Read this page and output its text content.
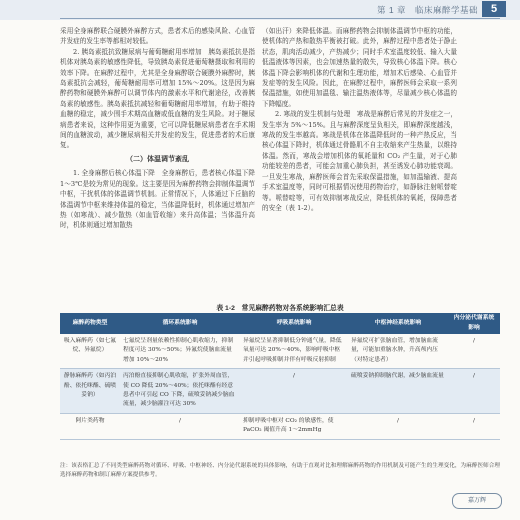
第 1 章　临床麻醉学基础	5

采用全身麻醉联合硬膜外麻醉方式，患者术后的感染风险、心血管并发症的发生率等都相对较低。

2. 胰岛素抵抗致糖尿病与葡萄糖耐用率增加　胰岛素抵抗是指机体对胰岛素的敏感性降低，导致胰岛素促进葡萄糖摄取和利用的效率下降。在麻醉过程中，尤其是全身麻醉联合硬膜外麻醉时，胰岛素抵抗会减轻，葡萄糖耐用率可增加 15%～20%。这是因为麻醉药物和硬膜外麻醉可以调节体内的激素水平和代谢途径，改善胰岛素的敏感性。胰岛素抵抗减轻和葡萄糖耐用率增加，有助于维持血糖的稳定，减少围手术期高血糖或低血糖的发生风险。对于糖尿病患者来说，这种作用更为重要，它可以降低糖尿病患者在手术期间的血糖波动，减少糖尿病相关并发症的发生，促进患者的术后康复。

（二）体温调节紊乱

1. 全身麻醉后核心体温下降　全身麻醉后，患者核心体温下降 1～3℃是较为常见的现象。这主要是因为麻醉药物会抑制体温调节中枢，干扰机体的体温调节机制。正常情况下，人体通过下丘脑的体温调节中枢来维持体温的稳定，当体温降低时，机体通过增加产热（如寒战）、减少散热（如血管收缩）来升高体温；当体温升高时，机体则通过增加散热

（如出汗）来降低体温。而麻醉药物会抑制体温调节中枢的功能，使机体的产热和散热平衡被打破。此外，麻醉过程中患者处于静止状态，肌肉活动减少，产热减少；同时手术室温度较低、输入大量低温液体等因素，也会加速热量的散失，导致核心体温下降。核心体温下降会影响机体的代谢和生理功能，增加术后感染、心血管并发症等的发生风险。因此，在麻醉过程中，麻醉医师会采取一系列保温措施，如使用加温毯、输注温热液体等，尽量减少核心体温的下降幅度。

2. 寒战的发生机制与处理　寒战是麻醉后常见的并发症之一，发生率为 5%～15%。且与麻醉深度呈负相关，即麻醉深度越浅，寒战的发生率越高。寒战是机体在体温降低时的一种产热反应，当核心体温下降时，机体通过骨骼肌不自主收缩来产生热量，以维持体温。然而，寒战会增加机体的氧耗量和 CO₂ 产生量，对于心肺功能较差的患者，可能会加重心肺负担，甚至诱发心肺功能衰竭。一旦发生寒战，麻醉医师会首先采取保温措施，如加温输液、提高手术室温度等，同时可根据情况使用药物治疗，如静脉注射哌替啶等。哌替啶等，可有效抑制寒战反应，降低机体的氧耗，保障患者的安全（表 1-2）。

表 1-2　常见麻醉药物对各系统影响汇总表
麻醉药物类型	循环系统影响	呼吸系统影响	中枢神经系统影响	内分泌代谢系统影响
吸入麻醉药（如七氟烷、异氟烷）	七氟烷呈剂量依赖性抑制心肌收缩力，抑制程度可达 30%～50%；异氟烷使脑血流量增加 10%～20%	异氟烷呈显著抑制低分钟通气量，降低氧量可达 20%～40%，影响呼吸中枢并引起呼吸抑制并伴有呼吸反射抑制	异氟烷可扩张脑血管，增加脑血流量，可能加重脑水肿，升高颅内压（对特定患者）	/
静脉麻醉药（如丙泊酚、依托咪酯、硫喷妥钠）	丙泊酚直接抑制心肌收缩，扩张外周血管，使 CO 降低 20%～40%；依托咪酯有经意患者中可引起 CO 下降，硫喷妥钠减少脑血流量，减少脑灌注可达 30%	/	硫喷妥钠抑制脑代谢，减少脑血流量	/
阿片类药物	/	抑制呼吸中枢对 CO₂ 的敏感性，使 PaCO₂ 阈值升高 1～2mmHg	/	/
注：该表格汇总了不同类型麻醉药物对循环、呼吸、中枢神经、内分泌代谢系统的具体影响，有助于直观对比和理解麻醉药物的作用机制及可能产生的生理变化，为麻醉医师合理选择麻醉药物和制订麻醉方案提供参考。
嘉万辉
